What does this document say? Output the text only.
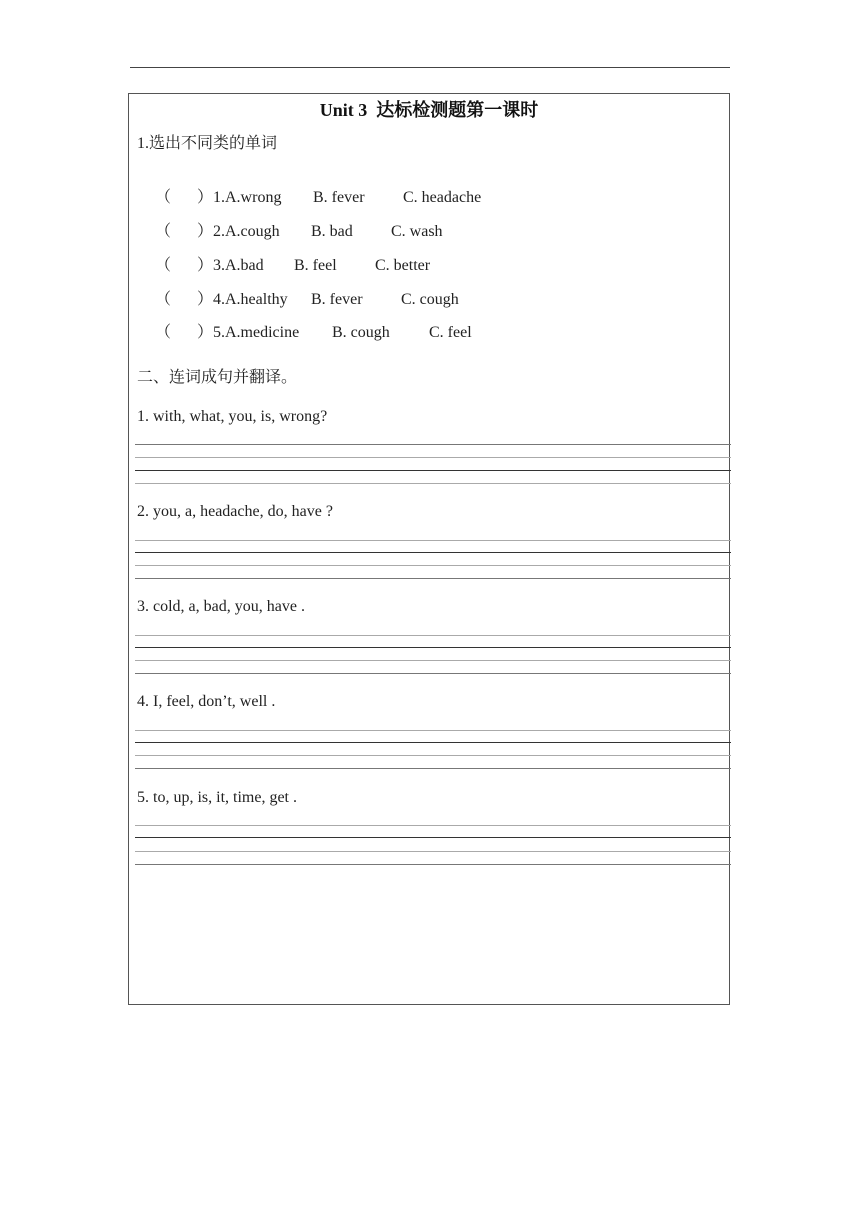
Unit 3 达标检测题第一课时
1.选出不同类的单词

（ ）1.A.wrong B. fever C. headache

（ ）2.A.cough B. bad C. wash

（ ）3.A.bad B. feel C. better

（ ）4.A.healthy B. fever C. cough

（ ）5.A.medicine B. cough C. feel

二、连词成句并翻译。
1. with, what, you, is, wrong?
2. you, a, headache, do, have ?
3. cold, a, bad, you, have .
4. I, feel, don’t, well .
5. to, up, is, it, time, get .
